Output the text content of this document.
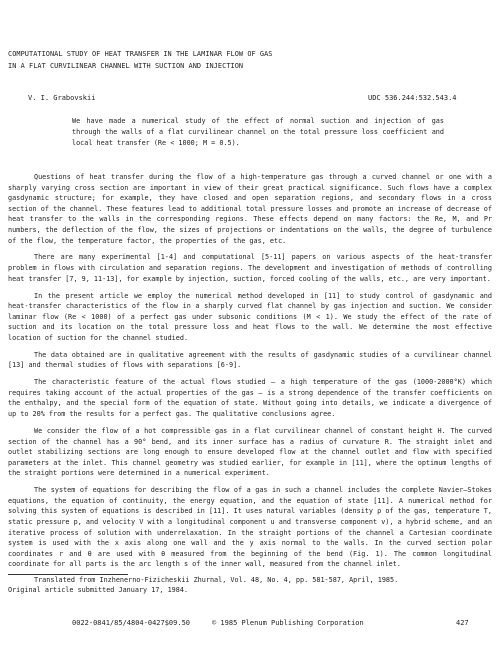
COMPUTATIONAL STUDY OF HEAT TRANSFER IN THE LAMINAR FLOW OF GAS
IN A FLAT CURVILINEAR CHANNEL WITH SUCTION AND INJECTION
V. I. Grabovskii	UDC 536.244:532.543.4
We have made a numerical study of the effect of normal suction and injection of gas through the walls of a flat curvilinear channel on the total pressure loss coefficient and local heat transfer (Re < 1000; M = 0.5).

Questions of heat transfer during the flow of a high-temperature gas through a curved channel or one with a sharply varying cross section are important in view of their great practical significance. Such flows have a complex gasdynamic structure; for example, they have closed and open separation regions, and secondary flows in a cross section of the channel. These features lead to additional total pressure losses and promote an increase of decrease of heat transfer to the walls in the corresponding regions. These effects depend on many factors: the Re, M, and Pr numbers, the deflection of the flow, the sizes of projections or indentations on the walls, the degree of turbulence of the flow, the temperature factor, the properties of the gas, etc.

There are many experimental [1-4] and computational [5-11] papers on various aspects of the heat-transfer problem in flows with circulation and separation regions. The development and investigation of methods of controlling heat transfer [7, 9, 11-13], for example by injection, suction, forced cooling of the walls, etc., are very important.

In the present article we employ the numerical method developed in [11] to study control of gasdynamic and heat-transfer characteristics of the flow in a sharply curved flat channel by gas injection and suction. We consider laminar flow (Re < 1000) of a perfect gas under subsonic conditions (M < 1). We study the effect of the rate of suction and its location on the total pressure loss and heat flows to the wall. We determine the most effective location of suction for the channel studied.

The data obtained are in qualitative agreement with the results of gasdynamic studies of a curvilinear channel [13] and thermal studies of flows with separations [6-9].

The characteristic feature of the actual flows studied — a high temperature of the gas (1000-2000°K) which requires taking account of the actual properties of the gas — is a strong dependence of the transfer coefficients on the enthalpy, and the special form of the equation of state. Without going into details, we indicate a divergence of up to 20% from the results for a perfect gas. The qualitative conclusions agree.

We consider the flow of a hot compressible gas in a flat curvilinear channel of constant height H. The curved section of the channel has a 90° bend, and its inner surface has a radius of curvature R. The straight inlet and outlet stabilizing sections are long enough to ensure developed flow at the channel outlet and flow with specified parameters at the inlet. This channel geometry was studied earlier, for example in [11], where the optimum lengths of the straight portions were determined in a numerical experiment.

The system of equations for describing the flow of a gas in such a channel includes the complete Navier–Stokes equations, the equation of continuity, the energy equation, and the equation of state [11]. A numerical method for solving this system of equations is described in [11]. It uses natural variables (density ρ of the gas, temperature T, static pressure p, and velocity V with a longitudinal component u and transverse component v), a hybrid scheme, and an iterative process of solution with underrelaxation. In the straight portions of the channel a Cartesian coordinate system is used with the x axis along one wall and the y axis normal to the walls. In the curved section polar coordinates r and θ are used with θ measured from the beginning of the bend (Fig. 1). The common longitudinal coordinate for all parts is the arc length s of the inner wall, measured from the channel inlet.

Translated from Inzhenerno-Fizicheskii Zhurnal, Vol. 48, No. 4, pp. 581-587, April, 1985.
Original article submitted January 17, 1984.
0022-0841/85/4804-0427$09.50	© 1985 Plenum Publishing Corporation	427
